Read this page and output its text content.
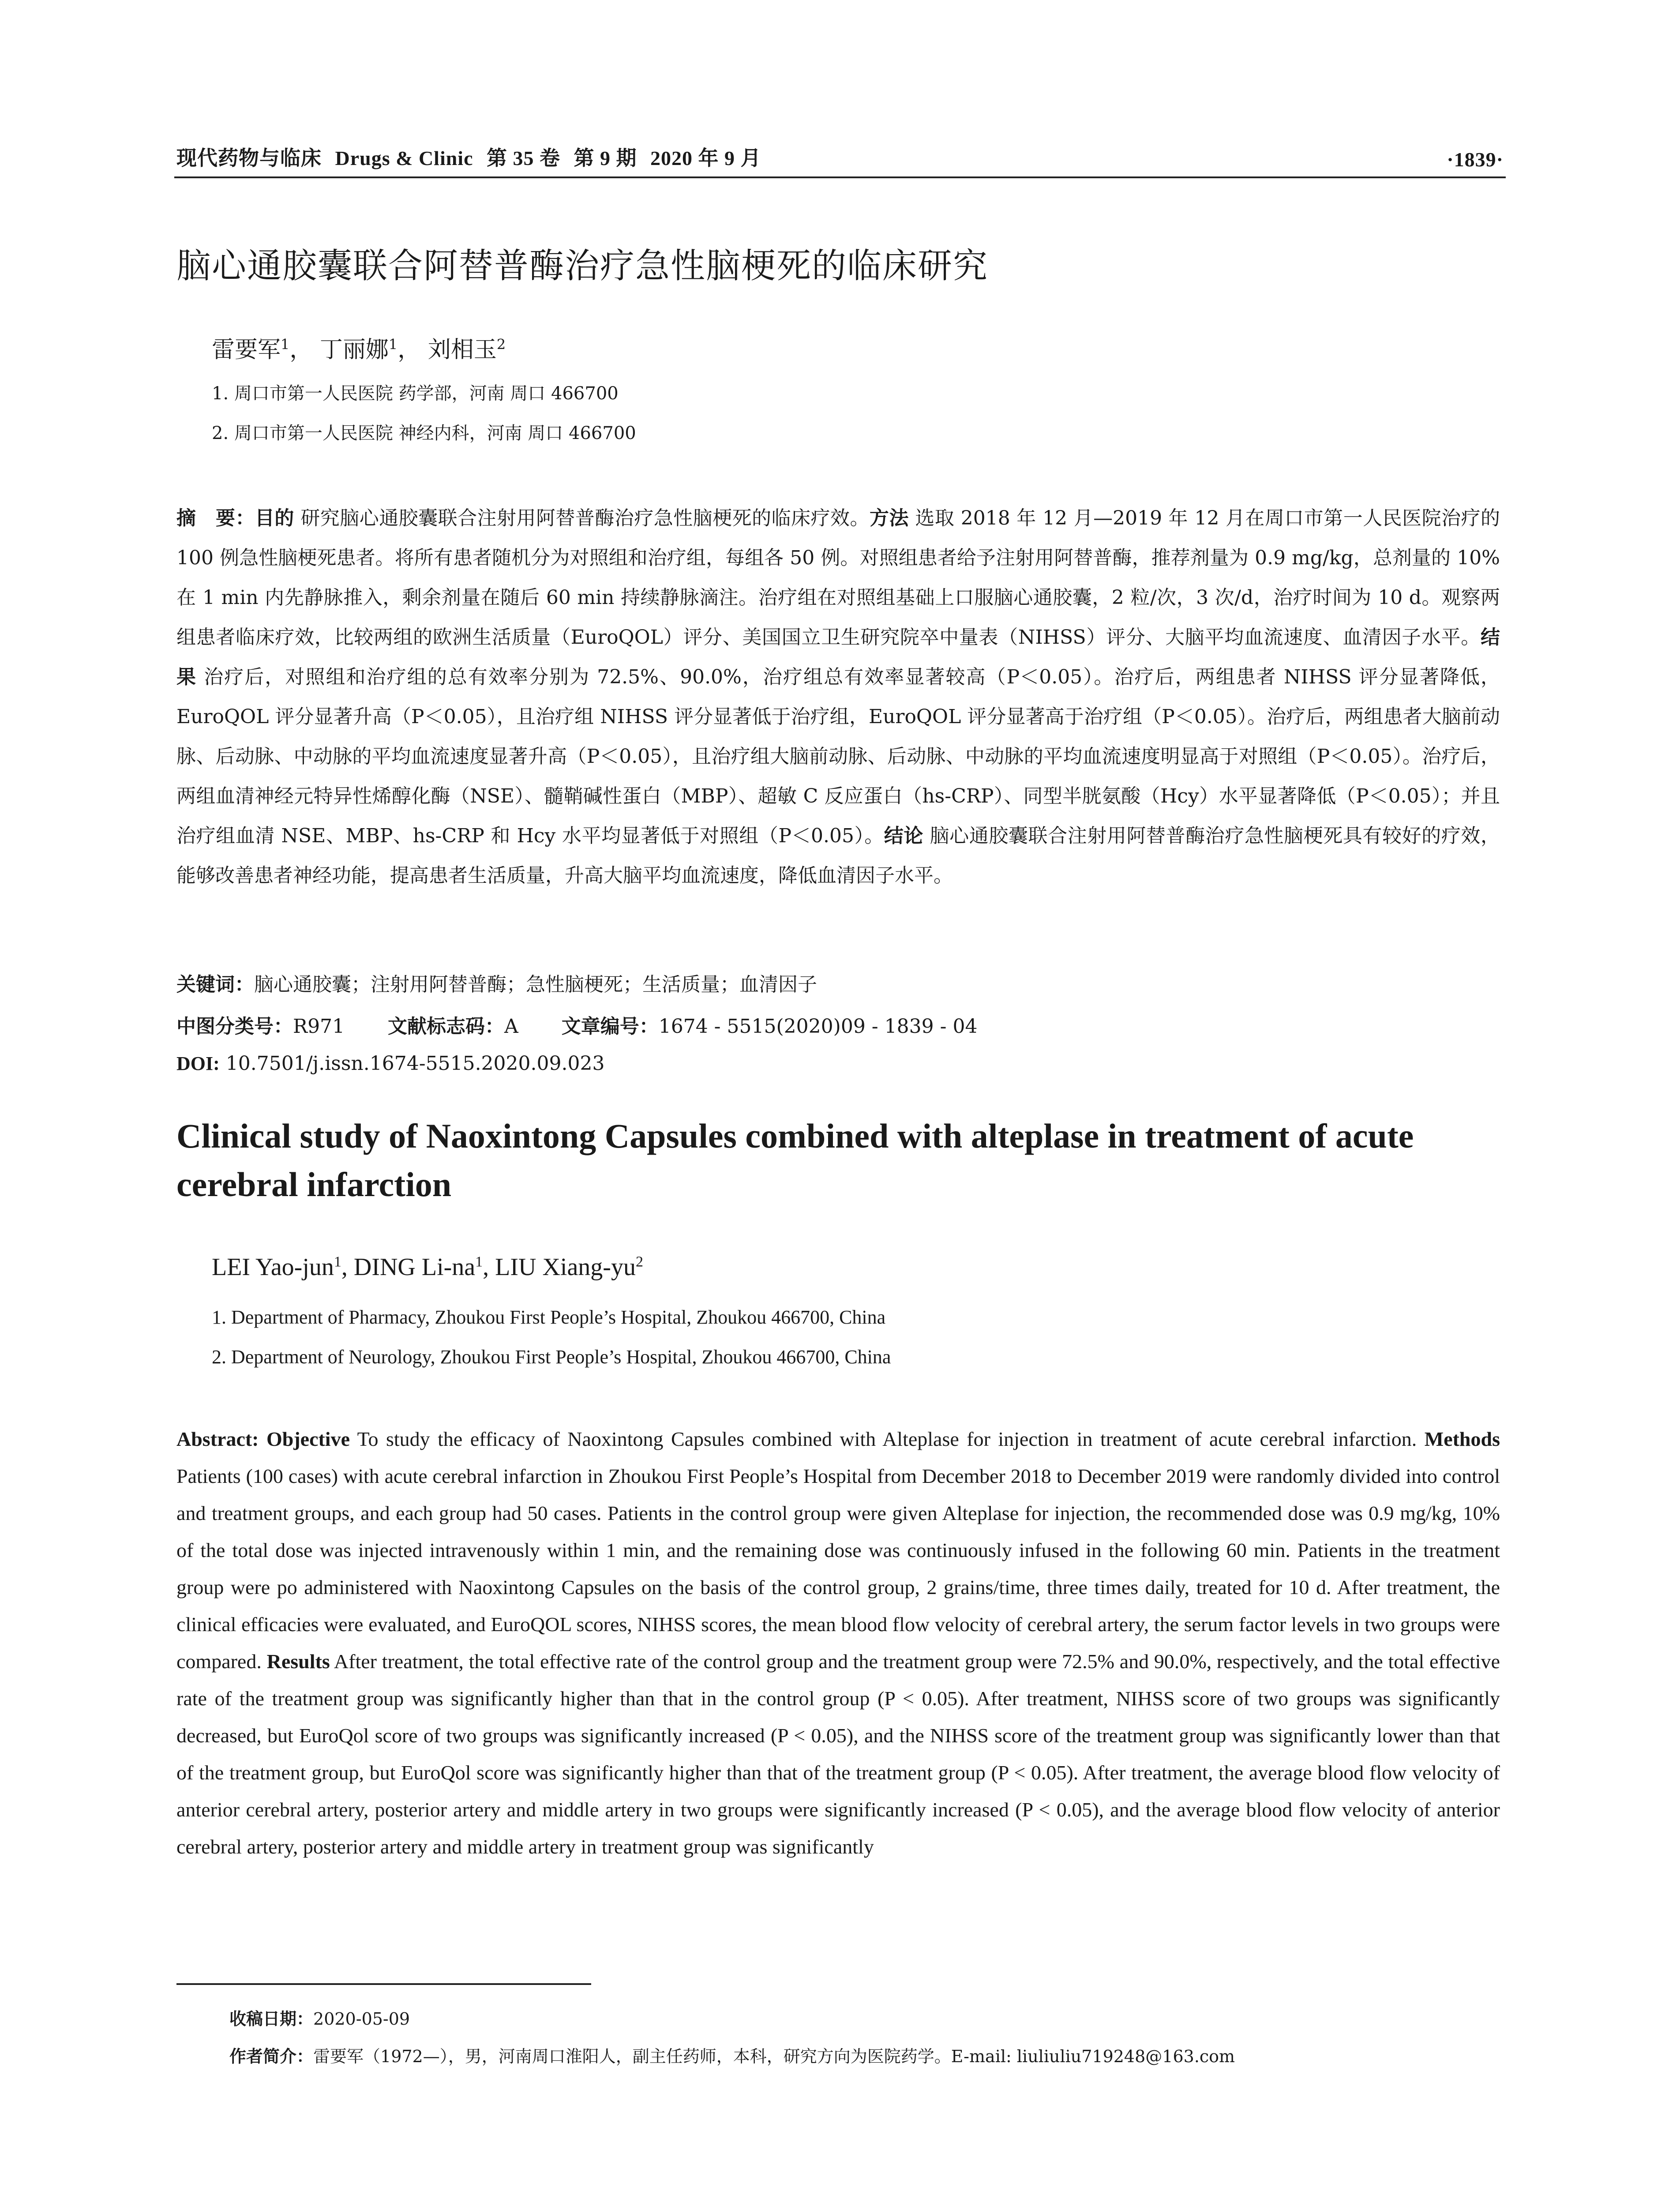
现代药物与临床 Drugs & Clinic 第 35 卷 第 9 期 2020 年 9 月	·1839·
脑心通胶囊联合阿替普酶治疗急性脑梗死的临床研究
雷要军$^1$， 丁丽娜$^1$， 刘相玉$^2$
1. 周口市第一人民医院 药学部，河南 周口 466700
2. 周口市第一人民医院 神经内科，河南 周口 466700
摘　要：目的 研究脑心通胶囊联合注射用阿替普酶治疗急性脑梗死的临床疗效。方法 选取 2018 年 12 月—2019 年 12 月在周口市第一人民医院治疗的 100 例急性脑梗死患者。将所有患者随机分为对照组和治疗组，每组各 50 例。对照组患者给予注射用阿替普酶，推荐剂量为 0.9 mg/kg，总剂量的 10%在 1 min 内先静脉推入，剩余剂量在随后 60 min 持续静脉滴注。治疗组在对照组基础上口服脑心通胶囊，2 粒/次，3 次/d，治疗时间为 10 d。观察两组患者临床疗效，比较两组的欧洲生活质量（EuroQOL）评分、美国国立卫生研究院卒中量表（NIHSS）评分、大脑平均血流速度、血清因子水平。结果 治疗后，对照组和治疗组的总有效率分别为 72.5%、90.0%，治疗组总有效率显著较高（P＜0.05）。治疗后，两组患者 NIHSS 评分显著降低，EuroQOL 评分显著升高（P＜0.05），且治疗组 NIHSS 评分显著低于治疗组，EuroQOL 评分显著高于治疗组（P＜0.05）。治疗后，两组患者大脑前动脉、后动脉、中动脉的平均血流速度显著升高（P＜0.05），且治疗组大脑前动脉、后动脉、中动脉的平均血流速度明显高于对照组（P＜0.05）。治疗后，两组血清神经元特异性烯醇化酶（NSE）、髓鞘碱性蛋白（MBP）、超敏 C 反应蛋白（hs-CRP）、同型半胱氨酸（Hcy）水平显著降低（P＜0.05）；并且治疗组血清 NSE、MBP、hs-CRP 和 Hcy 水平均显著低于对照组（P＜0.05）。结论 脑心通胶囊联合注射用阿替普酶治疗急性脑梗死具有较好的疗效，能够改善患者神经功能，提高患者生活质量，升高大脑平均血流速度，降低血清因子水平。
关键词：脑心通胶囊；注射用阿替普酶；急性脑梗死；生活质量；血清因子
中图分类号：R971 文献标志码：A 文章编号：1674 - 5515(2020)09 - 1839 - 04
DOI: 10.7501/j.issn.1674-5515.2020.09.023
Clinical study of Naoxintong Capsules combined with alteplase in treatment of acute cerebral infarction
LEI Yao-jun$^1$, DING $Li-na^1$, LIU Xiang-$yu^2$
1. Department of Pharmacy, Zhoukou First People’s Hospital, Zhoukou 466700, China
2. Department of Neurology, Zhoukou First People’s Hospital, Zhoukou 466700, China
Abstract: Objective To study the efficacy of Naoxintong Capsules combined with Alteplase for injection in treatment of acute cerebral infarction. Methods Patients (100 cases) with acute cerebral infarction in Zhoukou First People’s Hospital from December 2018 to December 2019 were randomly divided into control and treatment groups, and each group had 50 cases. Patients in the control group were given Alteplase for injection, the recommended dose was 0.9 mg/kg, 10% of the total dose was injected intravenously within 1 min, and the remaining dose was continuously infused in the following 60 min. Patients in the treatment group were po administered with Naoxintong Capsules on the basis of the control group, 2 grains/time, three times daily, treated for 10 d. After treatment, the clinical efficacies were evaluated, and EuroQOL scores, NIHSS scores, the mean blood flow velocity of cerebral artery, the serum factor levels in two groups were compared. Results After treatment, the total effective rate of the control group and the treatment group were 72.5% and 90.0%, respectively, and the total effective rate of the treatment group was significantly higher than that in the control group (P < 0.05). After treatment, NIHSS score of two groups was significantly decreased, but EuroQol score of two groups was significantly increased (P < 0.05), and the NIHSS score of the treatment group was significantly lower than that of the treatment group, but EuroQol score was significantly higher than that of the treatment group (P < 0.05). After treatment, the average blood flow velocity of anterior cerebral artery, posterior artery and middle artery in two groups were significantly increased (P < 0.05), and the average blood flow velocity of anterior cerebral artery, posterior artery and middle artery in treatment group was significantly
收稿日期：2020-05-09
作者简介：雷要军（1972—），男，河南周口淮阳人，副主任药师，本科，研究方向为医院药学。E-mail: liuliuliu719248@163.com
